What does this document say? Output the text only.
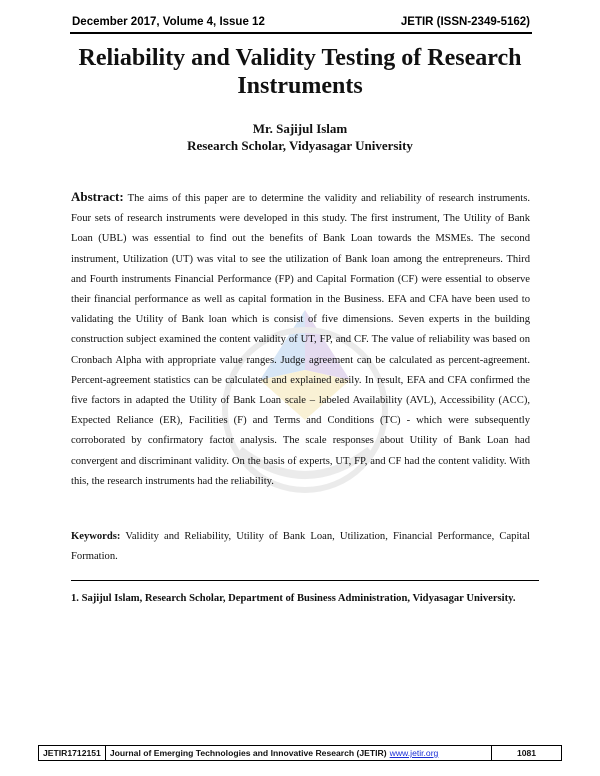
December 2017, Volume 4, Issue 12	JETIR (ISSN-2349-5162)
Reliability and Validity Testing of Research Instruments
Mr. Sajijul Islam
Research Scholar, Vidyasagar University
Abstract: The aims of this paper are to determine the validity and reliability of research instruments. Four sets of research instruments were developed in this study. The first instrument, The Utility of Bank Loan (UBL) was essential to find out the benefits of Bank Loan towards the MSMEs. The second instrument, Utilization (UT) was vital to see the utilization of Bank loan among the entrepreneurs. Third and Fourth instruments Financial Performance (FP) and Capital Formation (CF) were essential to observe their financial performance as well as capital formation in the Business. EFA and CFA have been used to validating the Utility of Bank loan which is consist of five dimensions. Seven experts in the building construction subject examined the content validity of UT, FP, and CF. The value of reliability was based on Cronbach Alpha with appropriate value ranges. Judge agreement can be calculated as percent-agreement. Percent-agreement statistics can be calculated and explained easily. In result, EFA and CFA confirmed the five factors in adapted the Utility of Bank Loan scale – labeled Availability (AVL), Accessibility (ACC), Expected Reliance (ER), Facilities (F) and Terms and Conditions (TC) - which were subsequently corroborated by confirmatory factor analysis. The scale responses about Utility of Bank Loan had convergent and discriminant validity. On the basis of experts, UT, FP, and CF had the content validity. With this, the research instruments had the reliability.
Keywords: Validity and Reliability, Utility of Bank Loan, Utilization, Financial Performance, Capital Formation.
1. Sajijul Islam, Research Scholar, Department of Business Administration, Vidyasagar University.
JETIR1712151	Journal of Emerging Technologies and Innovative Research (JETIR) www.jetir.org	1081
